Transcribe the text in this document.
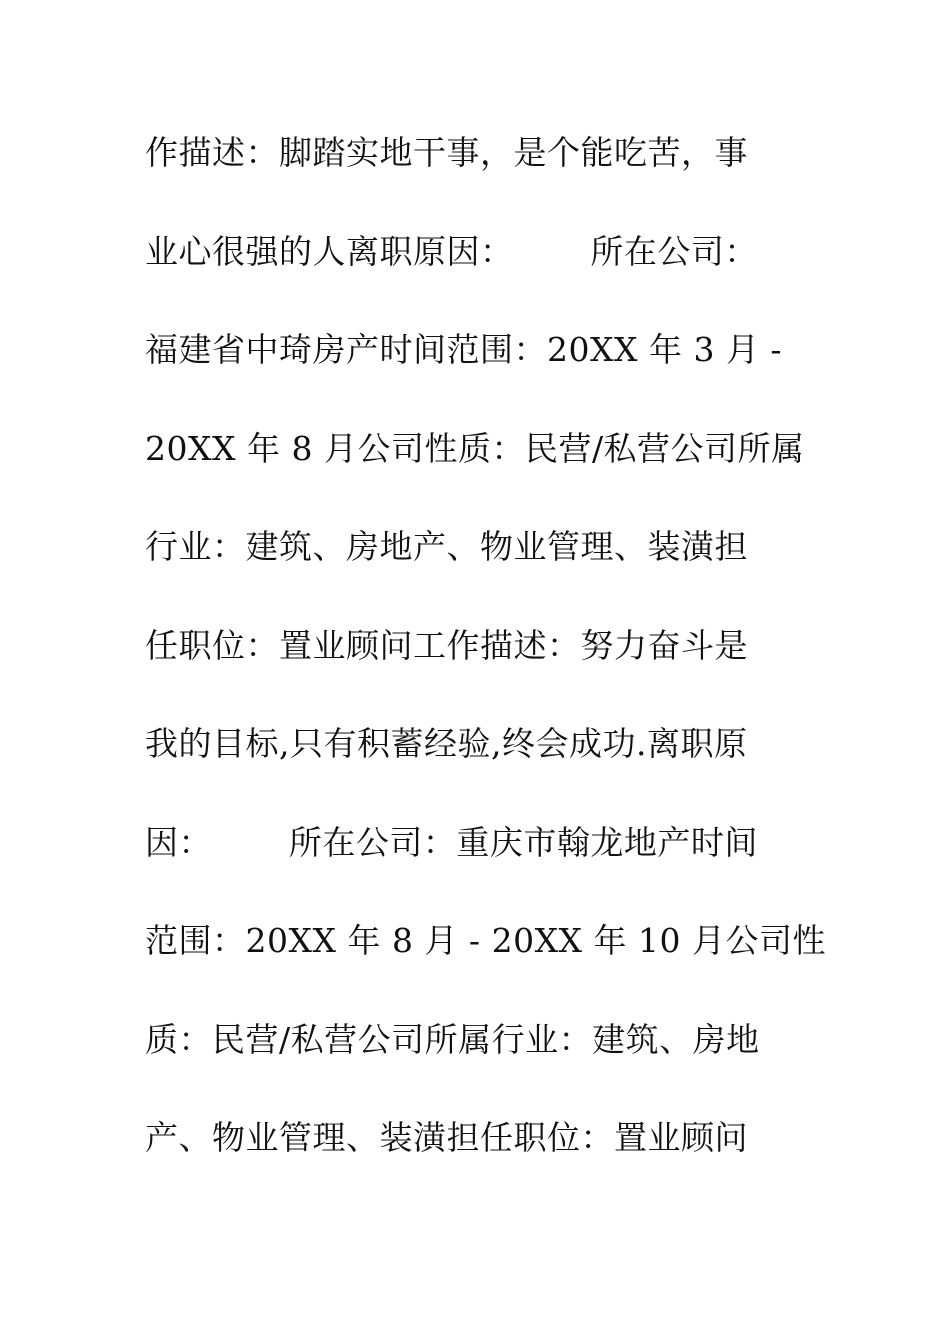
作描述：脚踏实地干事，是个能吃苦，事
业心很强的人离职原因：       所在公司：
福建省中琦房产时间范围：20XX 年 3 月 -
20XX 年 8 月公司性质：民营/私营公司所属
行业：建筑、房地产、物业管理、装潢担
任职位：置业顾问工作描述：努力奋斗是
我的目标,只有积蓄经验,终会成功.离职原
因：       所在公司：重庆市翰龙地产时间
范围：20XX 年 8 月 - 20XX 年 10 月公司性
质：民营/私营公司所属行业：建筑、房地
产、物业管理、装潢担任职位：置业顾问
